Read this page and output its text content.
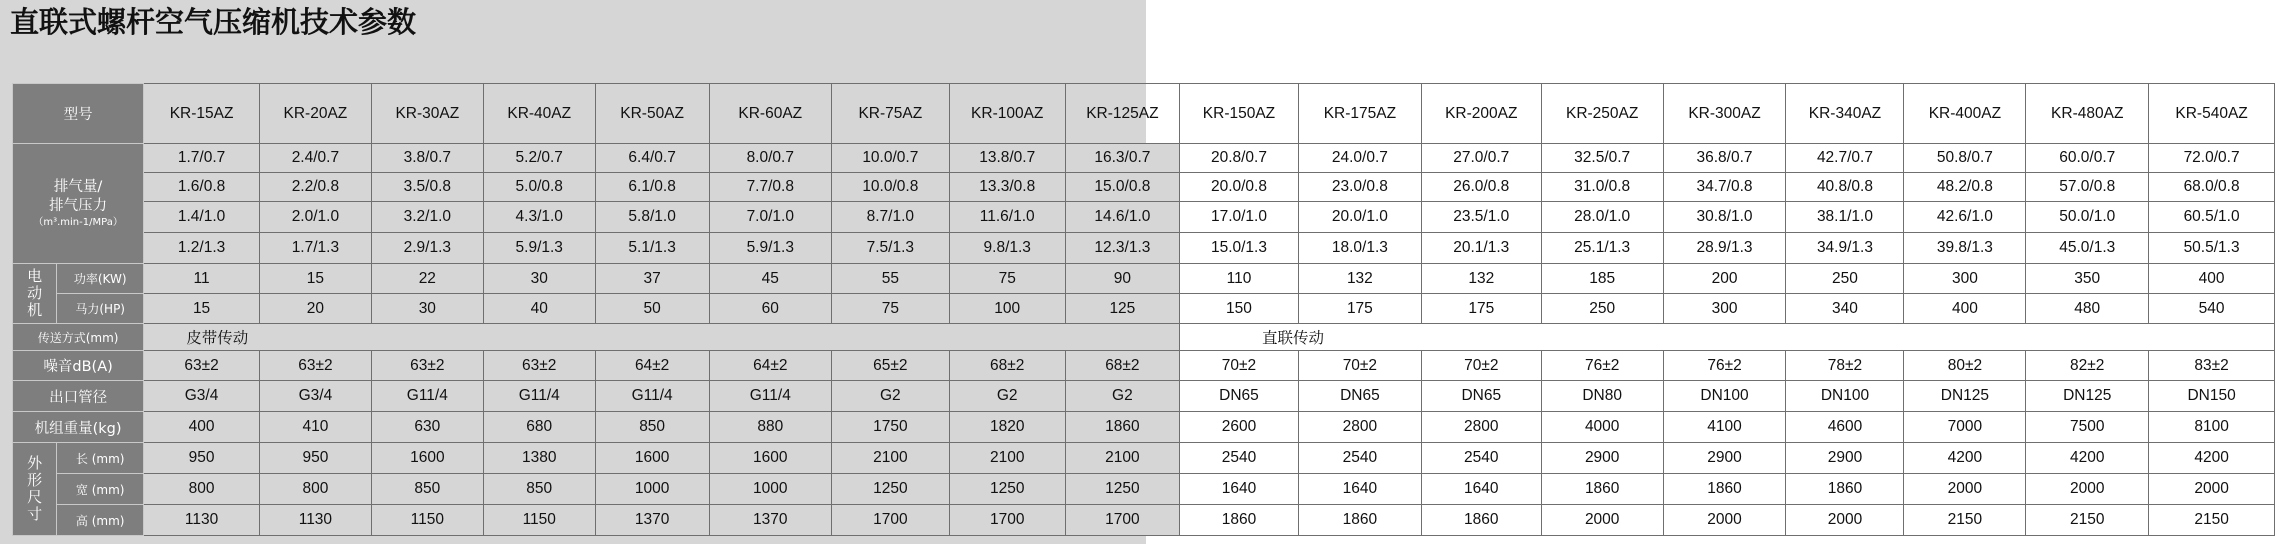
直联式螺杆空气压缩机技术参数
型号		KR-15AZ	KR-20AZ	KR-30AZ	KR-40AZ	KR-50AZ	KR-60AZ	KR-75AZ	KR-100AZ	KR-125AZ	KR-150AZ	KR-175AZ	KR-200AZ	KR-250AZ	KR-300AZ	KR-340AZ	KR-400AZ	KR-480AZ	KR-540AZ

排气量/
排气压力
（m³.min-1/MPa）		1.7/0.7	2.4/0.7	3.8/0.7	5.2/0.7	6.4/0.7	8.0/0.7	10.0/0.7	13.8/0.7	16.3/0.7	20.8/0.7	24.0/0.7	27.0/0.7	32.5/0.7	36.8/0.7	42.7/0.7	50.8/0.7	60.0/0.7	72.0/0.7
		1.6/0.8	2.2/0.8	3.5/0.8	5.0/0.8	6.1/0.8	7.7/0.8	10.0/0.8	13.3/0.8	15.0/0.8	20.0/0.8	23.0/0.8	26.0/0.8	31.0/0.8	34.7/0.8	40.8/0.8	48.2/0.8	57.0/0.8	68.0/0.8
		1.4/1.0	2.0/1.0	3.2/1.0	4.3/1.0	5.8/1.0	7.0/1.0	8.7/1.0	11.6/1.0	14.6/1.0	17.0/1.0	20.0/1.0	23.5/1.0	28.0/1.0	30.8/1.0	38.1/1.0	42.6/1.0	50.0/1.0	60.5/1.0
		1.2/1.3	1.7/1.3	2.9/1.3	5.9/1.3	5.1/1.3	5.9/1.3	7.5/1.3	9.8/1.3	12.3/1.3	15.0/1.3	18.0/1.3	20.1/1.3	25.1/1.3	28.9/1.3	34.9/1.3	39.8/1.3	45.0/1.3	50.5/1.3

电
动
机	功率(KW)	11	15	22	30	37	45	55	75	90	110	132	132	185	200	250	300	350	400
	马力(HP)	15	20	30	40	50	60	75	100	125	150	175	175	250	300	340	400	480	540
传送方式(mm)		皮带传动									直联传动								
噪音dB(A)		63±2	63±2	63±2	63±2	64±2	64±2	65±2	68±2	68±2	70±2	70±2	70±2	76±2	76±2	78±2	80±2	82±2	83±2
出口管径		G3/4	G3/4	G11/4	G11/4	G11/4	G11/4	G2	G2	G2	DN65	DN65	DN65	DN80	DN100	DN100	DN125	DN125	DN150
机组重量(kg)		400	410	630	680	850	880	1750	1820	1860	2600	2800	2800	4000	4100	4600	7000	7500	8100

外
形
尺
寸	长 (mm)	950	950	1600	1380	1600	1600	2100	2100	2100	2540	2540	2540	2900	2900	2900	4200	4200	4200
	宽 (mm)	800	800	850	850	1000	1000	1250	1250	1250	1640	1640	1640	1860	1860	1860	2000	2000	2000
	高 (mm)	1130	1130	1150	1150	1370	1370	1700	1700	1700	1860	1860	1860	2000	2000	2000	2150	2150	2150
